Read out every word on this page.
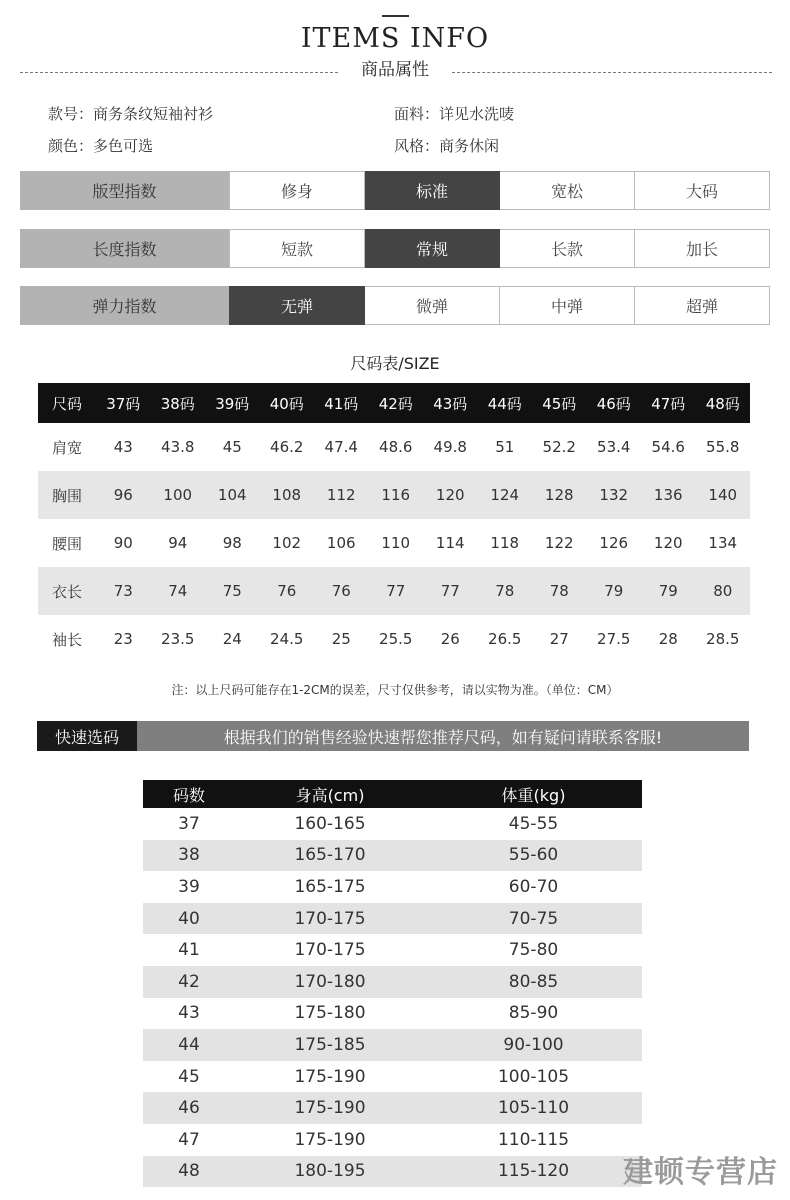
ITEMS INFO
商品属性
款号：商务条纹短袖衬衫	面料：详见水洗唛
颜色：多色可选	风格：商务休闲
版型指数	修身	标准	宽松	大码
长度指数	短款	常规	长款	加长
弹力指数	无弹	微弹	中弹	超弹
尺码表/SIZE
尺码	37码	38码	39码	40码	41码	42码	43码	44码	45码	46码	47码	48码
肩宽	43	43.8	45	46.2	47.4	48.6	49.8	51	52.2	53.4	54.6	55.8
胸围	96	100	104	108	112	116	120	124	128	132	136	140
腰围	90	94	98	102	106	110	114	118	122	126	120	134
衣长	73	74	75	76	76	77	77	78	78	79	79	80
袖长	23	23.5	24	24.5	25	25.5	26	26.5	27	27.5	28	28.5
注：以上尺码可能存在1-2CM的误差，尺寸仅供参考，请以实物为准。（单位：CM）
快速选码	根据我们的销售经验快速帮您推荐尺码，如有疑问请联系客服!
码数	身高(cm)	体重(kg)
37	160-165	45-55
38	165-170	55-60
39	165-175	60-70
40	170-175	70-75
41	170-175	75-80
42	170-180	80-85
43	175-180	85-90
44	175-185	90-100
45	175-190	100-105
46	175-190	105-110
47	175-190	110-115
48	180-195	115-120 建顿专营店
